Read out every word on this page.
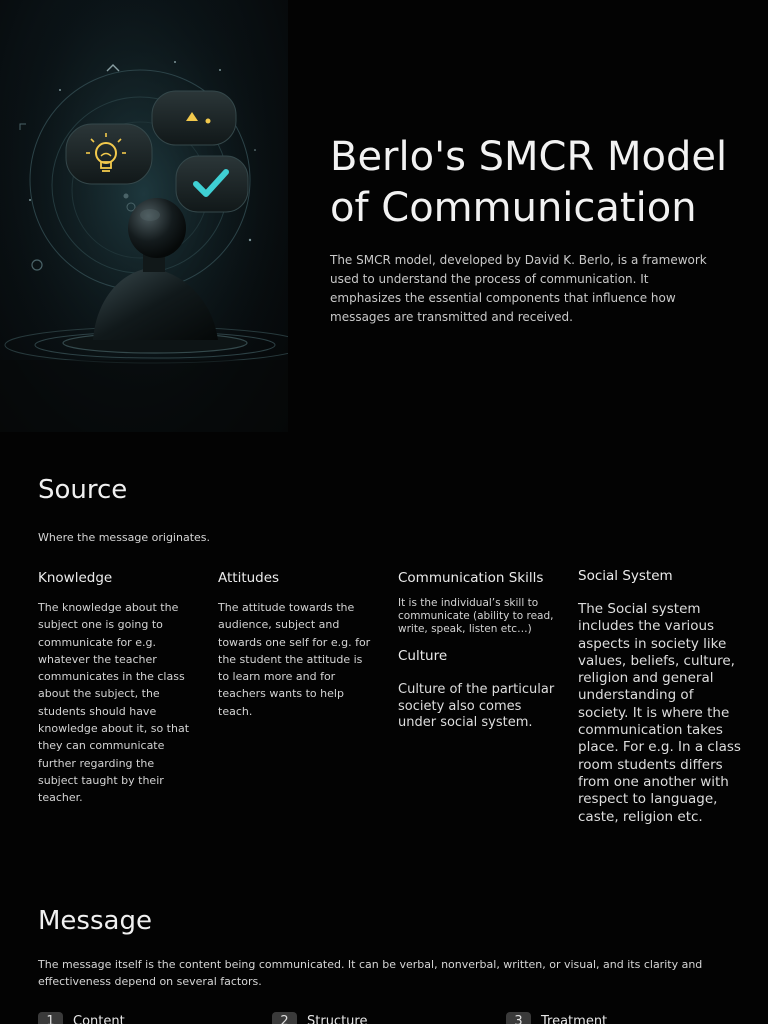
Berlo's SMCR Model of Communication

The SMCR model, developed by David K. Berlo, is a framework used to understand the process of communication. It emphasizes the essential components that influence how messages are transmitted and received.

Source

Where the message originates.

Knowledge

The knowledge about the subject one is going to communicate for e.g. whatever the teacher communicates in the class about the subject, the students should have knowledge about it, so that they can communicate further regarding the subject taught by their teacher.

Attitudes

The attitude towards the audience, subject and towards one self for e.g. for the student the attitude is to learn more and for teachers wants to help teach.

Communication Skills

It is the individual’s skill to communicate (ability to read, write, speak, listen etc…)

Culture

Culture of the particular society also comes under social system.

Social System

The Social system includes the various aspects in society like values, beliefs, culture, religion and general understanding of society. It is where the communication takes place. For e.g. In a class room students differs from one another with respect to language, caste, religion etc.

Message

The message itself is the content being communicated. It can be verbal, nonverbal, written, or visual, and its clarity and effectiveness depend on several factors.

1	Content	2	Structure	3	Treatment
